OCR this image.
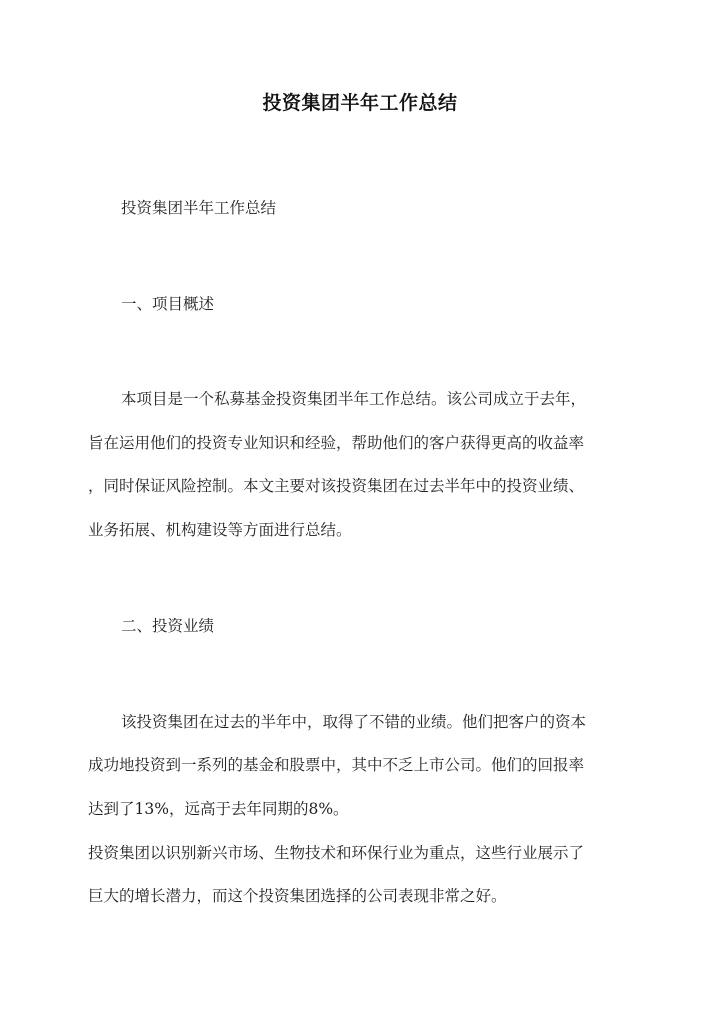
投资集团半年工作总结
投资集团半年工作总结
一、项目概述
本项目是一个私募基金投资集团半年工作总结。该公司成立于去年，
旨在运用他们的投资专业知识和经验，帮助他们的客户获得更高的收益率
，同时保证风险控制。本文主要对该投资集团在过去半年中的投资业绩、
业务拓展、机构建设等方面进行总结。
二、投资业绩
该投资集团在过去的半年中，取得了不错的业绩。他们把客户的资本
成功地投资到一系列的基金和股票中，其中不乏上市公司。他们的回报率
达到了13%，远高于去年同期的8%。
投资集团以识别新兴市场、生物技术和环保行业为重点，这些行业展示了
巨大的增长潜力，而这个投资集团选择的公司表现非常之好。
